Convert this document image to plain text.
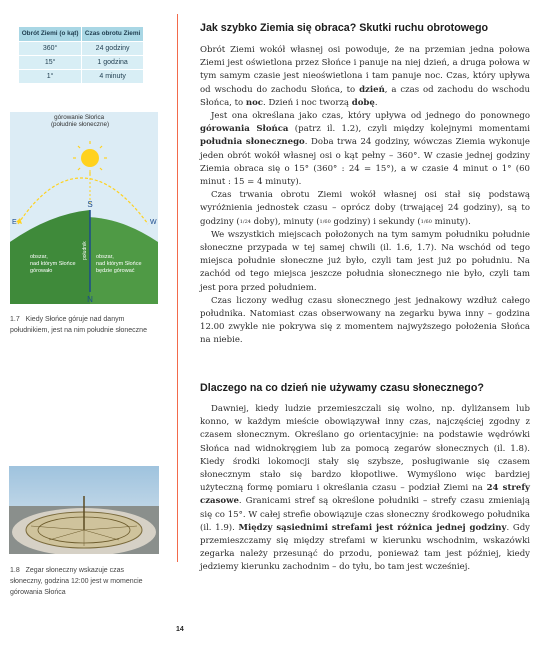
Obrót Ziemi (o kąt)	Czas obrotu Ziemi
360°	24 godziny
15°	1 godzina
1°	4 minuty
górowanie Słońca (południe słoneczne)
S
N
E	W
południk
obszar, nad którym Słońce górowało
obszar, nad którym Słońce będzie górować
1.7 Kiedy Słońce góruje nad danym południkiem, jest na nim południe słoneczne
1.8 Zegar słoneczny wskazuje czas słoneczny, godzina 12:00 jest w momencie górowania Słońca
Jak szybko Ziemia się obraca? Skutki ruchu obrotowego

Obrót Ziemi wokół własnej osi powoduje, że na przemian jedna połowa Ziemi jest oświetlona przez Słońce i panuje na niej dzień, a druga połowa w tym samym czasie jest nieoświetlona i tam panuje noc. Czas, który upływa od wschodu do zachodu Słońca, to dzień, a czas od zachodu do wschodu Słońca, to noc. Dzień i noc tworzą dobę.

Jest ona określana jako czas, który upływa od jednego do ponownego górowania Słońca (patrz il. 1.2), czyli między kolejnymi momentami południa słonecznego. Doba trwa 24 godziny, wówczas Ziemia wykonuje jeden obrót wokół własnej osi o kąt pełny – 360°. W czasie jednej godziny Ziemia obraca się o 15° (360° : 24 = 15°), a w czasie 4 minut o 1° (60 minut : 15 = 4 minuty).

Czas trwania obrotu Ziemi wokół własnej osi stał się podstawą wyróżnienia jednostek czasu – oprócz doby (trwającej 24 godziny), są to godziny (1/24 doby), minuty (1/60 godziny) i sekundy (1/60 minuty).

We wszystkich miejscach położonych na tym samym południku południe słoneczne przypada w tej samej chwili (il. 1.6, 1.7). Na wschód od tego miejsca południe słoneczne już było, czyli tam jest już po południu. Na zachód od tego miejsca jeszcze południa słonecznego nie było, czyli tam jest pora przed południem.

Czas liczony według czasu słonecznego jest jednakowy wzdłuż całego południka. Natomiast czas obserwowany na zegarku bywa inny – godzina 12.00 zwykle nie pokrywa się z momentem najwyższego położenia Słońca na niebie.

Dlaczego na co dzień nie używamy czasu słonecznego?

Dawniej, kiedy ludzie przemieszczali się wolno, np. dyliżansem lub konno, w każdym mieście obowiązywał inny czas, najczęściej zgodny z czasem słonecznym. Określano go orientacyjnie: na podstawie wędrówki Słońca nad widnokręgiem lub za pomocą zegarów słonecznych (il. 1.8). Kiedy środki lokomocji stały się szybsze, posługiwanie się czasem słonecznym stało się bardzo kłopotliwe. Wymyślono więc bardziej użyteczną formę pomiaru i określania czasu – podział Ziemi na 24 strefy czasowe. Granicami stref są określone południki – strefy czasu zmieniają się co 15°. W całej strefie obowiązuje czas słoneczny środkowego południka (il. 1.9). Między sąsiednimi strefami jest różnica jednej godziny. Gdy przemieszczamy się między strefami w kierunku wschodnim, wskazówki zegarka należy przesunąć do przodu, ponieważ tam jest później, kiedy jedziemy kierunku zachodnim – do tyłu, bo tam jest wcześniej.

14
